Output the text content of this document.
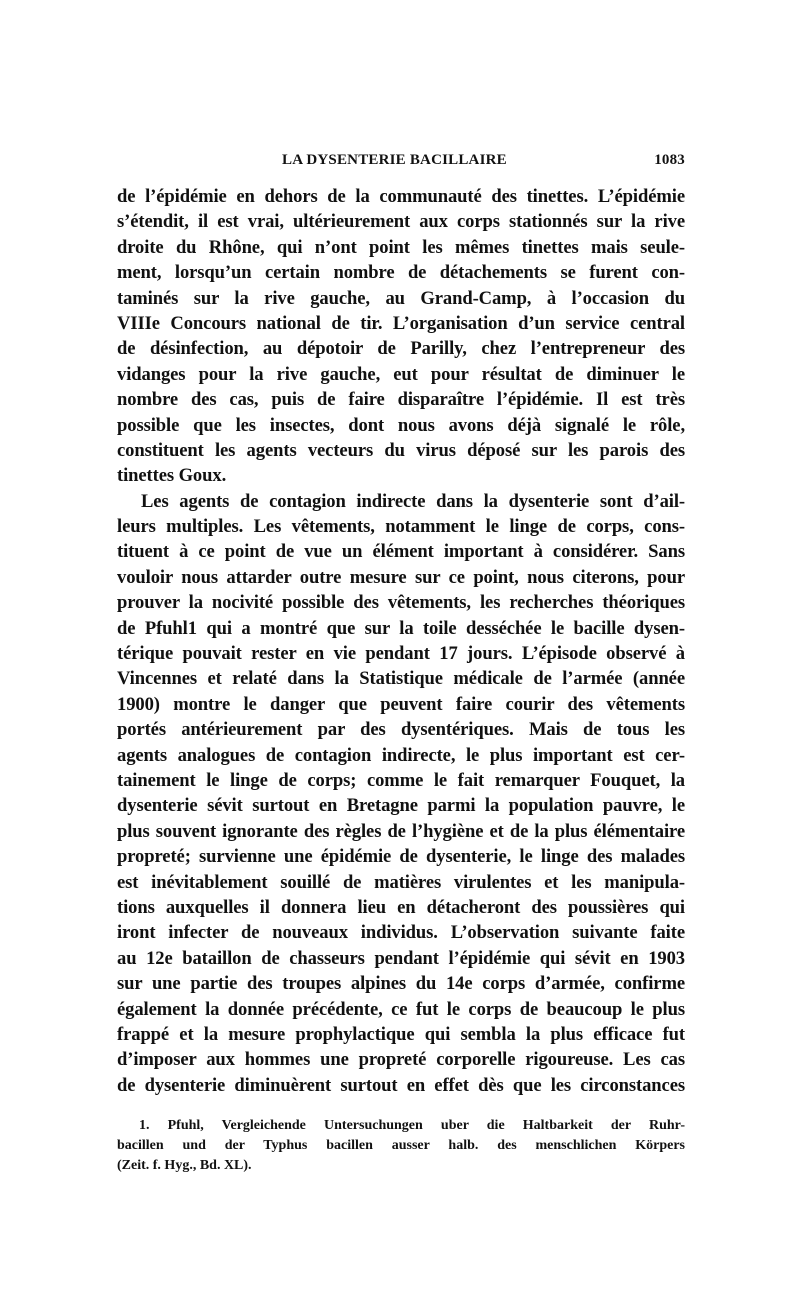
LA DYSENTERIE BACILLAIRE	1083
de l’épidémie en dehors de la communauté des tinettes. L’épidémie
s’étendit, il est vrai, ultérieurement aux corps stationnés sur la rive
droite du Rhône, qui n’ont point les mêmes tinettes mais seule-
ment, lorsqu’un certain nombre de détachements se furent con-
taminés sur la rive gauche, au Grand-Camp, à l’occasion du
VIIIe Concours national de tir. L’organisation d’un service central
de désinfection, au dépotoir de Parilly, chez l’entrepreneur des
vidanges pour la rive gauche, eut pour résultat de diminuer le
nombre des cas, puis de faire disparaître l’épidémie. Il est très
possible que les insectes, dont nous avons déjà signalé le rôle,
constituent les agents vecteurs du virus déposé sur les parois des
tinettes Goux.
Les agents de contagion indirecte dans la dysenterie sont d’ail-
leurs multiples. Les vêtements, notamment le linge de corps, cons-
tituent à ce point de vue un élément important à considérer. Sans
vouloir nous attarder outre mesure sur ce point, nous citerons, pour
prouver la nocivité possible des vêtements, les recherches théoriques
de Pfuhl1 qui a montré que sur la toile desséchée le bacille dysen-
térique pouvait rester en vie pendant 17 jours. L’épisode observé à
Vincennes et relaté dans la Statistique médicale de l’armée (année
1900) montre le danger que peuvent faire courir des vêtements
portés antérieurement par des dysentériques. Mais de tous les
agents analogues de contagion indirecte, le plus important est cer-
tainement le linge de corps; comme le fait remarquer Fouquet, la
dysenterie sévit surtout en Bretagne parmi la population pauvre, le
plus souvent ignorante des règles de l’hygiène et de la plus élémentaire
propreté; survienne une épidémie de dysenterie, le linge des malades
est inévitablement souillé de matières virulentes et les manipula-
tions auxquelles il donnera lieu en détacheront des poussières qui
iront infecter de nouveaux individus. L’observation suivante faite
au 12e bataillon de chasseurs pendant l’épidémie qui sévit en 1903
sur une partie des troupes alpines du 14e corps d’armée, confirme
également la donnée précédente, ce fut le corps de beaucoup le plus
frappé et la mesure prophylactique qui sembla la plus efficace fut
d’imposer aux hommes une propreté corporelle rigoureuse. Les cas
de dysenterie diminuèrent surtout en effet dès que les circonstances
1. Pfuhl, Vergleichende Untersuchungen uber die Haltbarkeit der Ruhr-
bacillen und der Typhus bacillen ausser halb. des menschlichen Körpers
(Zeit. f. Hyg., Bd. XL).
